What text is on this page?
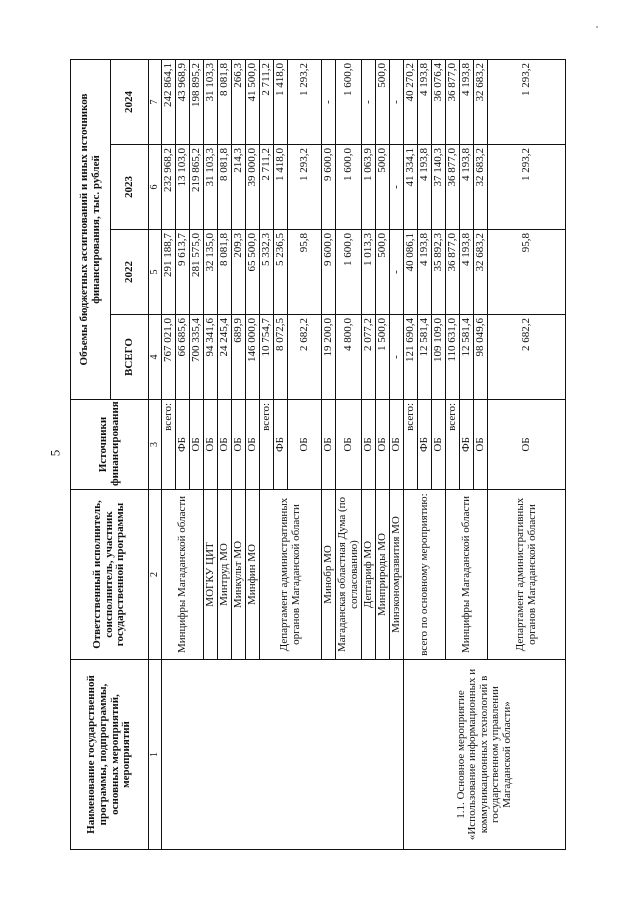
5
Наименование государственной программы, подпрограммы, основных мероприятий, мероприятий	Ответственный исполнитель, соисполнитель, участник государственной программы	Источники финансирования	Объемы бюджетных ассигнований и иных источников финансирования, тыс. рублей			
			ВСЕГО	2022	2023	2024
1	2	3	4	5	6	7
	Минцифры Магаданской области	всего:	767 021,0	291 188,7	232 968,2	242 864,1
		ФБ	66 685,6	9 613,7	13 103,0	43 968,9
		ОБ	700 335,4	281 575,0	219 865,2	198 895,2
	МОГКУ ЦИТ	ОБ	94 341,6	32 135,0	31 103,3	31 103,3
	Минтруд МО	ОБ	24 245,4	8 081,8	8 081,8	8 081,8
	Минкульт МО	ОБ	689,9	209,3	214,3	266,3
	Минфин МО	ОБ	146 000,0	65 500,0	39 000,0	41 500,0
	Департамент административных органов Магаданской области	всего:	10 754,7	5 332,3	2 711,2	2 711,2
		ФБ	8 072,5	5 236,5	1 418,0	1 418,0
		ОБ	2 682,2	95,8	1 293,2	1 293,2
	Минобр МО	ОБ	19 200,0	9 600,0	9 600,0	-
	Магаданская областная Дума (по согласованию)	ОБ	4 800,0	1 600,0	1 600,0	1 600,0
	Дептариф МО	ОБ	2 077,2	1 013,3	1 063,9	-
	Минприроды МО	ОБ	1 500,0	500,0	500,0	500,0
	Минэкономразвития МО	ОБ	-	-	-	-
1.1. Основное мероприятие «Использование информационных и коммуникационных технологий в государственном управлении Магаданской области»	всего по основному мероприятию:	всего:	121 690,4	40 086,1	41 334,1	40 270,2
		ФБ	12 581,4	4 193,8	4 193,8	4 193,8
		ОБ	109 109,0	35 892,3	37 140,3	36 076,4
	Минцифры Магаданской области	всего:	110 631,0	36 877,0	36 877,0	36 877,0
		ФБ	12 581,4	4 193,8	4 193,8	4 193,8
		ОБ	98 049,6	32 683,2	32 683,2	32 683,2
	Департамент административных органов Магаданской области	ОБ	2 682,2	95,8	1 293,2	1 293,2
